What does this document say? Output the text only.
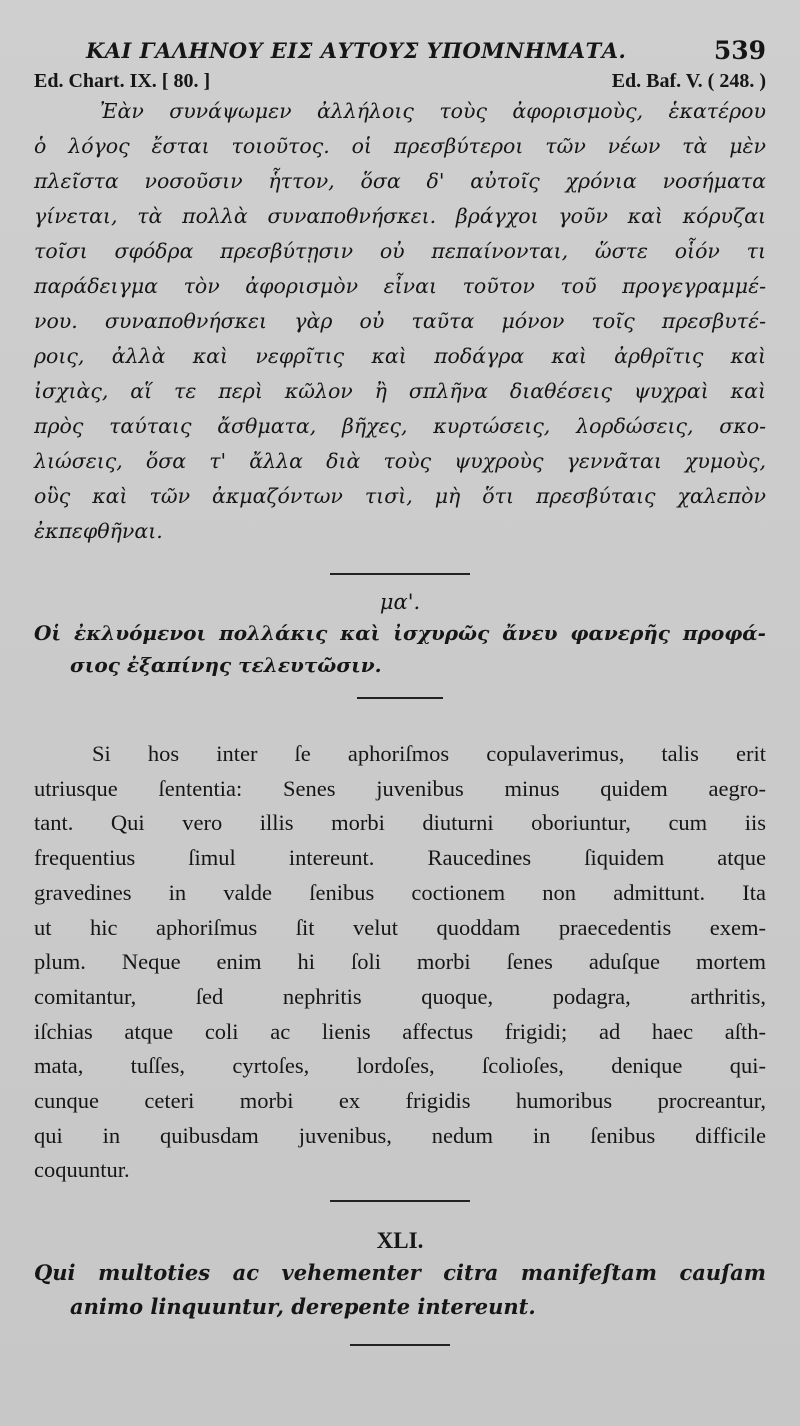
ΚΑΙ ΓΑΛΗΝΟΥ ΕΙΣ ΑΥΤΟΥΣ ΥΠΟΜΝΗΜΑΤΑ.	539
Ed. Chart. IX. [ 80. ]	Ed. Baf. V. ( 248. )
Ἐὰν συνάψωμεν ἀλλήλοις τοὺς ἀφορισμοὺς, ἑκατέρου
ὁ λόγος ἔσται τοιοῦτος. οἱ πρεσβύτεροι τῶν νέων τὰ μὲν
πλεῖστα νοσοῦσιν ἧττον, ὅσα δ' αὐτοῖς χρόνια νοσήματα
γίνεται, τὰ πολλὰ συναποθνήσκει. βράγχοι γοῦν καὶ κόρυζαι
τοῖσι σφόδρα πρεσβύτῃσιν οὐ πεπαίνονται, ὥστε οἷόν τι
παράδειγμα τὸν ἀφορισμὸν εἶναι τοῦτον τοῦ προγεγραμμέ-
νου. συναποθνήσκει γὰρ οὐ ταῦτα μόνον τοῖς πρεσβυτέ-
ροις, ἀλλὰ καὶ νεφρῖτις καὶ ποδάγρα καὶ ἀρθρῖτις καὶ
ἰσχιὰς, αἵ τε περὶ κῶλον ἢ σπλῆνα διαθέσεις ψυχραὶ καὶ
πρὸς ταύταις ἄσθματα, βῆχες, κυρτώσεις, λορδώσεις, σκο-
λιώσεις, ὅσα τ' ἄλλα διὰ τοὺς ψυχροὺς γεννᾶται χυμοὺς,
οὓς καὶ τῶν ἀκμαζόντων τισὶ, μὴ ὅτι πρεσβύταις χαλεπὸν
ἐκπεφθῆναι.
μα'.
Οἱ ἐκλυόμενοι πολλάκις καὶ ἰσχυρῶς ἄνευ φανερῆς προφά-
σιος ἐξαπίνης τελευτῶσιν.
Si hos inter ſe aphoriſmos copulaverimus, talis erit
utriusque ſententia: Senes juvenibus minus quidem aegro-
tant. Qui vero illis morbi diuturni oboriuntur, cum iis
frequentius ſimul intereunt. Raucedines ſiquidem atque
gravedines in valde ſenibus coctionem non admittunt. Ita
ut hic aphoriſmus ſit velut quoddam praecedentis exem-
plum. Neque enim hi ſoli morbi ſenes aduſque mortem
comitantur, ſed nephritis quoque, podagra, arthritis,
iſchias atque coli ac lienis affectus frigidi; ad haec aſth-
mata, tuſſes, cyrtoſes, lordoſes, ſcolioſes, denique qui-
cunque ceteri morbi ex frigidis humoribus procreantur,
qui in quibusdam juvenibus, nedum in ſenibus difficile
coquuntur.
XLI.
Qui multoties ac vehementer citra manifeſtam cauſam
animo linquuntur, derepente intereunt.
